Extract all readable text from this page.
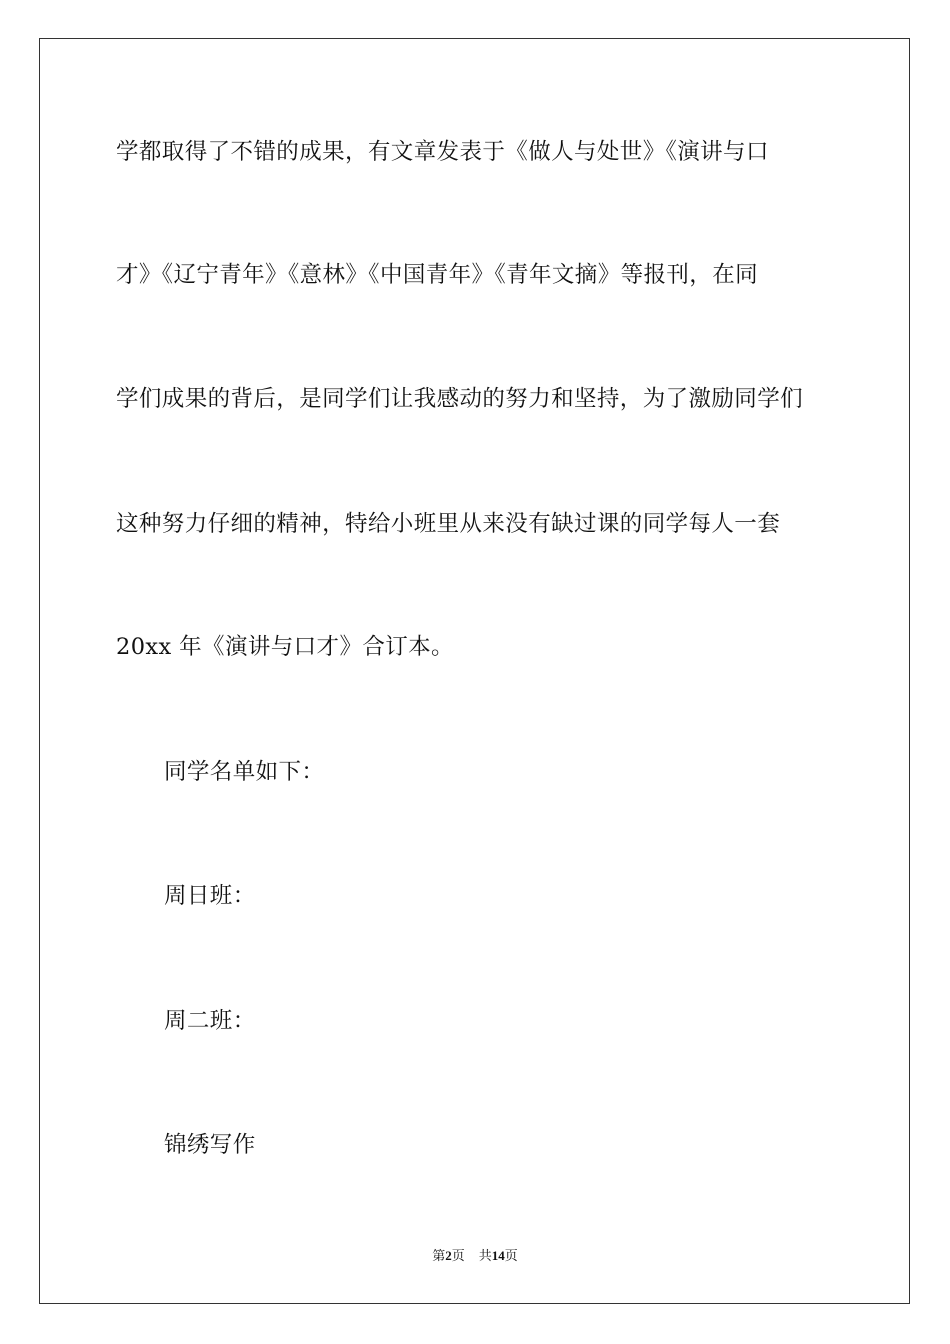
学都取得了不错的成果，有文章发表于《做人与处世》《演讲与口
才》《辽宁青年》《意林》《中国青年》《青年文摘》等报刊，在同
学们成果的背后，是同学们让我感动的努力和坚持，为了激励同学们
这种努力仔细的精神，特给小班里从来没有缺过课的同学每人一套
20xx 年《演讲与口才》合订本。
同学名单如下：
周日班：
周二班：
锦绣写作
第2页 共14页
